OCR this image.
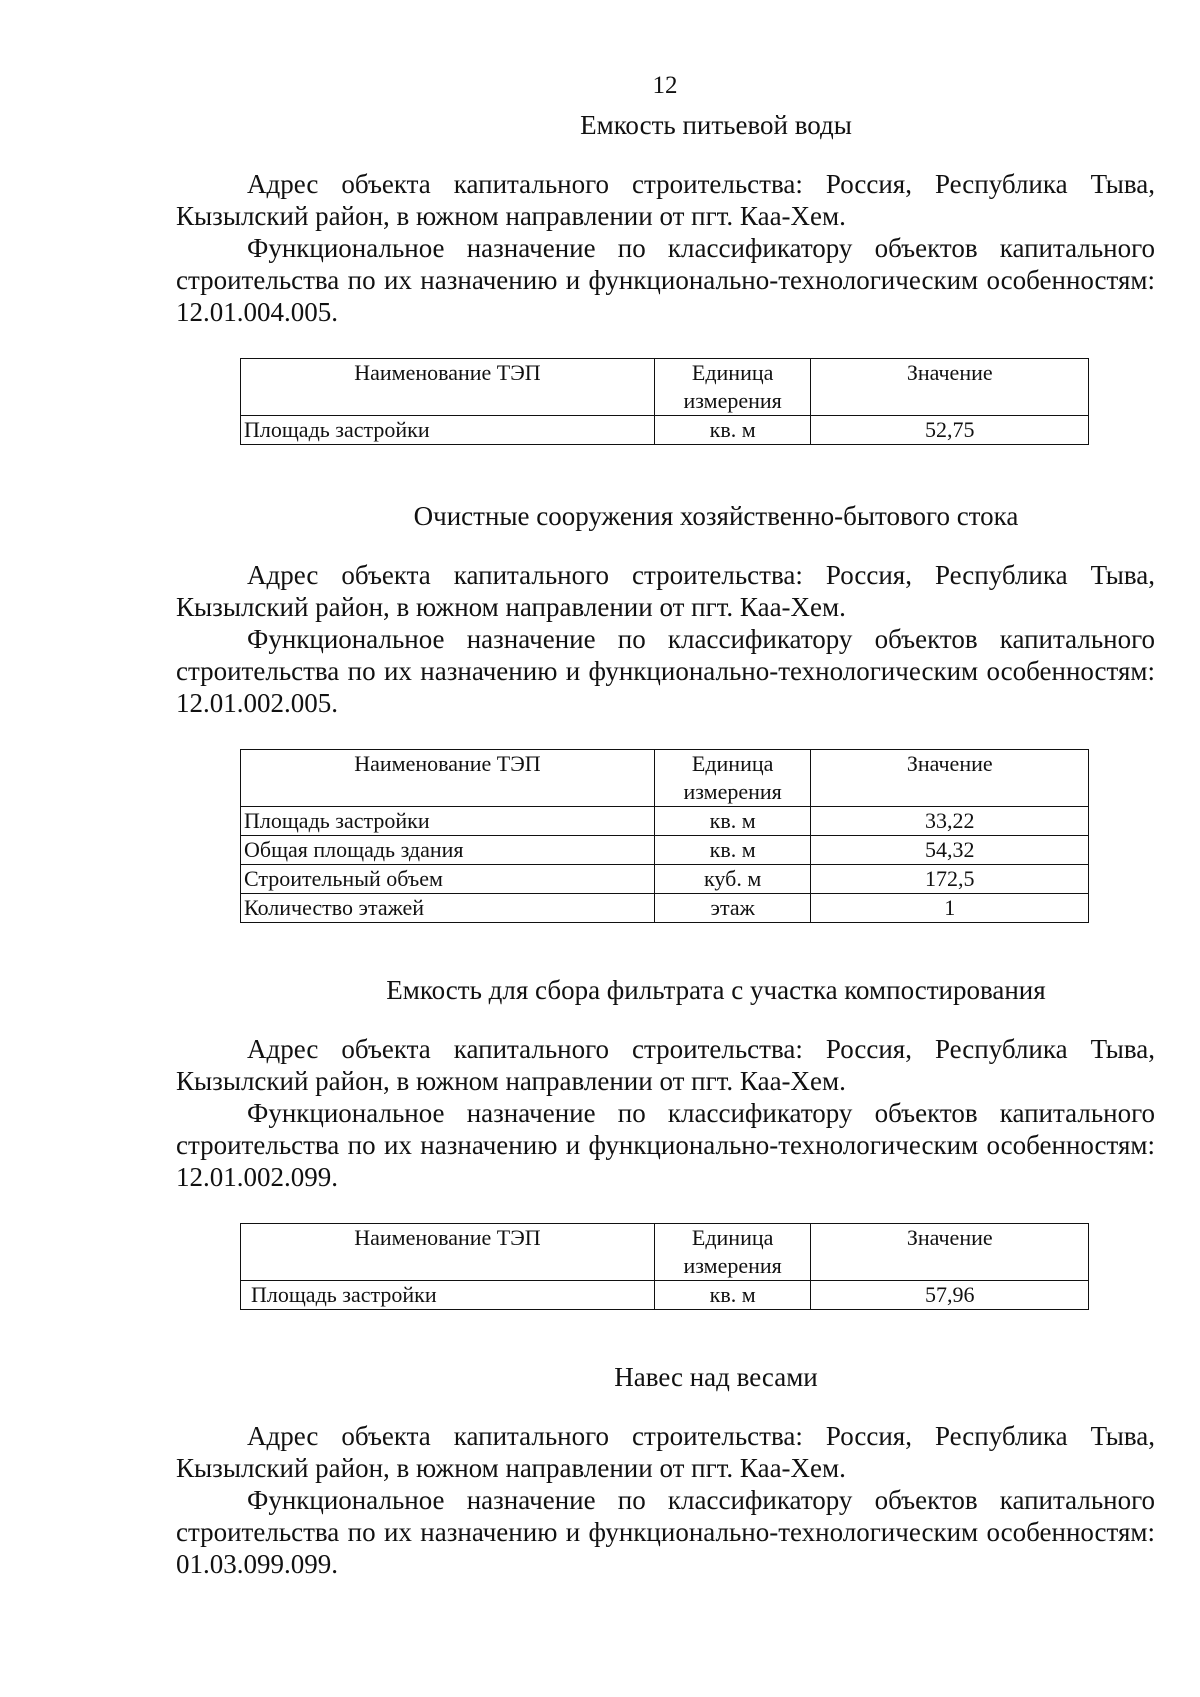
12
Емкость питьевой воды

Адрес объекта капитального строительства: Россия, Республика Тыва, Кызылский район, в южном направлении от пгт. Каа-Хем.

Функциональное назначение по классификатору объектов капитального строительства по их назначению и функционально-технологическим особенностям: 12.01.004.005.

Наименование ТЭП	Единица измерения	Значение
Площадь застройки	кв. м	52,75
Очистные сооружения хозяйственно-бытового стока

Адрес объекта капитального строительства: Россия, Республика Тыва, Кызылский район, в южном направлении от пгт. Каа-Хем.

Функциональное назначение по классификатору объектов капитального строительства по их назначению и функционально-технологическим особенностям: 12.01.002.005.

Наименование ТЭП	Единица измерения	Значение
Площадь застройки	кв. м	33,22
Общая площадь здания	кв. м	54,32
Строительный объем	куб. м	172,5
Количество этажей	этаж	1
Емкость для сбора фильтрата с участка компостирования

Адрес объекта капитального строительства: Россия, Республика Тыва, Кызылский район, в южном направлении от пгт. Каа-Хем.

Функциональное назначение по классификатору объектов капитального строительства по их назначению и функционально-технологическим особенностям: 12.01.002.099.

Наименование ТЭП	Единица измерения	Значение
Площадь застройки	кв. м	57,96
Навес над весами

Адрес объекта капитального строительства: Россия, Республика Тыва, Кызылский район, в южном направлении от пгт. Каа-Хем.

Функциональное назначение по классификатору объектов капитального строительства по их назначению и функционально-технологическим особенностям: 01.03.099.099.
